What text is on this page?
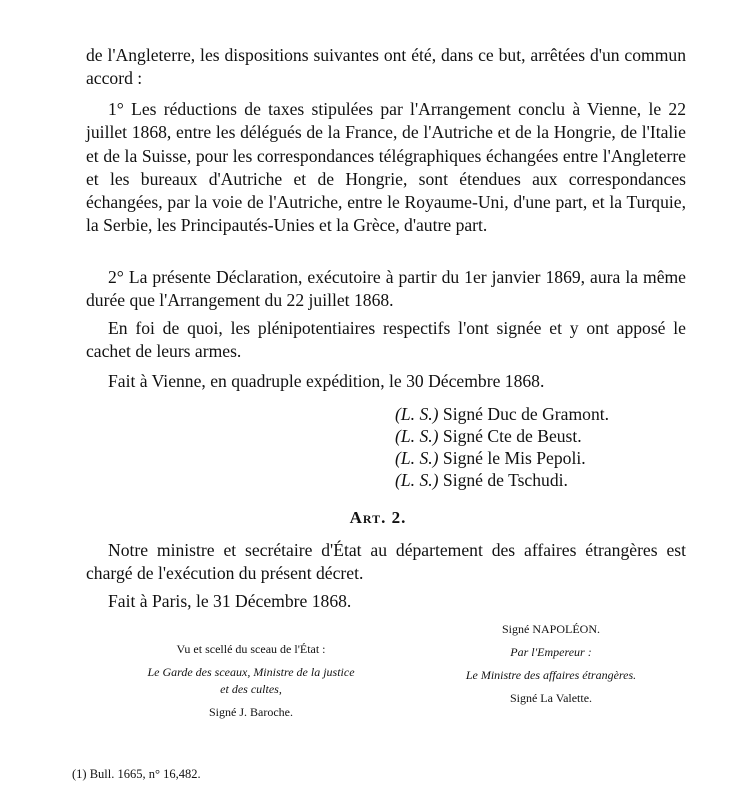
de l'Angleterre, les dispositions suivantes ont été, dans ce but, arrêtées d'un commun accord :

1° Les réductions de taxes stipulées par l'Arrangement conclu à Vienne, le 22 juillet 1868, entre les délégués de la France, de l'Autriche et de la Hongrie, de l'Italie et de la Suisse, pour les correspondances télégraphiques échangées entre l'Angleterre et les bureaux d'Autriche et de Hongrie, sont étendues aux correspondances échangées, par la voie de l'Autriche, entre le Royaume-Uni, d'une part, et la Turquie, la Serbie, les Principautés-Unies et la Grèce, d'autre part.

2° La présente Déclaration, exécutoire à partir du 1er janvier 1869, aura la même durée que l'Arrangement du 22 juillet 1868.

En foi de quoi, les plénipotentiaires respectifs l'ont signée et y ont apposé le cachet de leurs armes.

Fait à Vienne, en quadruple expédition, le 30 Décembre 1868.

(L. S.) Signé Duc de Gramont.
(L. S.) Signé Cte de Beust.
(L. S.) Signé le Mis Pepoli.
(L. S.) Signé de Tschudi.
Art. 2.

Notre ministre et secrétaire d'État au département des affaires étrangères est chargé de l'exécution du présent décret.

Fait à Paris, le 31 Décembre 1868.

Vu et scellé du sceau de l'État :
Le Garde des sceaux, Ministre de la justice
et des cultes,
Signé J. Baroche.
Signé NAPOLÉON.
Par l'Empereur :
Le Ministre des affaires étrangères.
Signé La Valette.
(1) Bull. 1665, n° 16,482.
